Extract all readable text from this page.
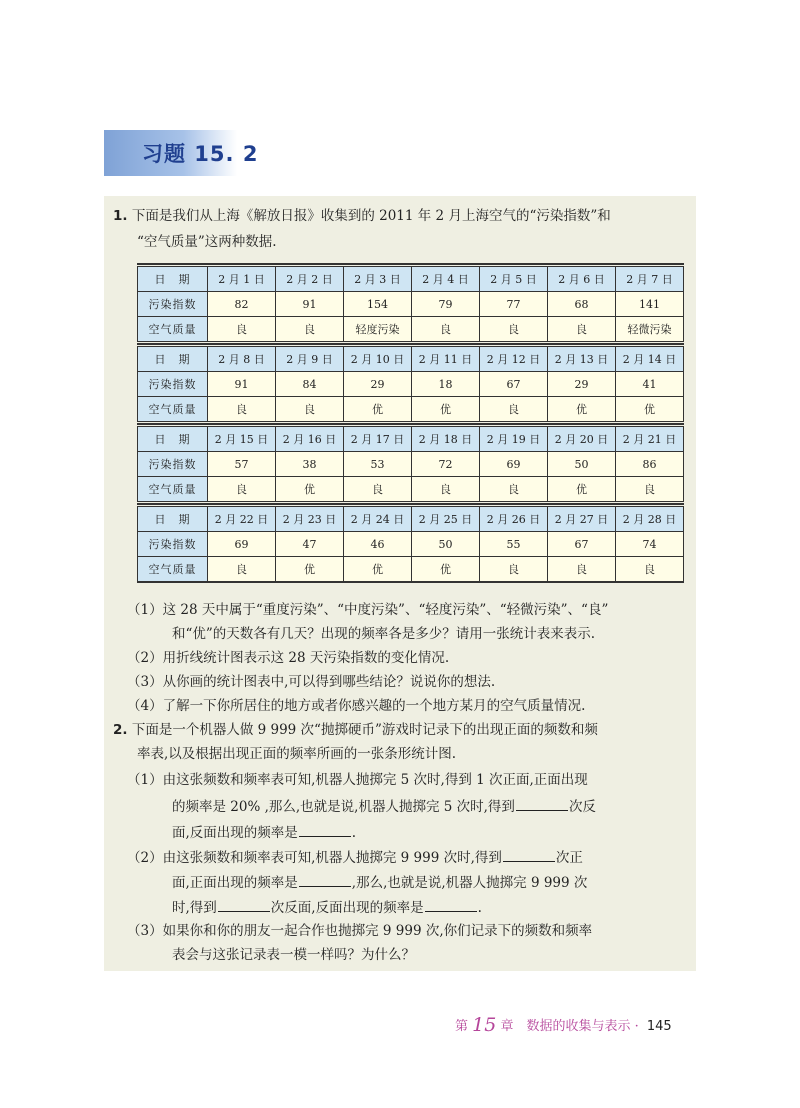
习题 15. 2
1. 下面是我们从上海《解放日报》收集到的 2011 年 2 月上海空气的“污染指数”和
“空气质量”这两种数据.
日　期	2 月 1 日	2 月 2 日	2 月 3 日	2 月 4 日	2 月 5 日	2 月 6 日	2 月 7 日
污染指数	82	91	154	79	77	68	141
空气质量	良	良	轻度污染	良	良	良	轻微污染
日　期	2 月 8 日	2 月 9 日	2 月 10 日	2 月 11 日	2 月 12 日	2 月 13 日	2 月 14 日
污染指数	91	84	29	18	67	29	41
空气质量	良	良	优	优	良	优	优
日　期	2 月 15 日	2 月 16 日	2 月 17 日	2 月 18 日	2 月 19 日	2 月 20 日	2 月 21 日
污染指数	57	38	53	72	69	50	86
空气质量	良	优	良	良	良	优	良
日　期	2 月 22 日	2 月 23 日	2 月 24 日	2 月 25 日	2 月 26 日	2 月 27 日	2 月 28 日
污染指数	69	47	46	50	55	67	74
空气质量	良	优	优	优	良	良	良
（1）这 28 天中属于“重度污染”、“中度污染”、“轻度污染”、“轻微污染”、“良”
和“优”的天数各有几天？出现的频率各是多少？请用一张统计表来表示.
（2）用折线统计图表示这 28 天污染指数的变化情况.
（3）从你画的统计图表中,可以得到哪些结论？说说你的想法.
（4）了解一下你所居住的地方或者你感兴趣的一个地方某月的空气质量情况.
2. 下面是一个机器人做 9 999 次“抛掷硬币”游戏时记录下的出现正面的频数和频
率表,以及根据出现正面的频率所画的一张条形统计图.
（1）由这张频数和频率表可知,机器人抛掷完 5 次时,得到 1 次正面,正面出现
的频率是 20% ,那么,也就是说,机器人抛掷完 5 次时,得到	次反
面,反面出现的频率是	.
（2）由这张频数和频率表可知,机器人抛掷完 9 999 次时,得到	次正
面,正面出现的频率是	,那么,也就是说,机器人抛掷完 9 999 次
时,得到	次反面,反面出现的频率是	.
（3）如果你和你的朋友一起合作也抛掷完 9 999 次,你们记录下的频数和频率
表会与这张记录表一模一样吗？为什么？
第 15 章　数据的收集与表示 · 145
